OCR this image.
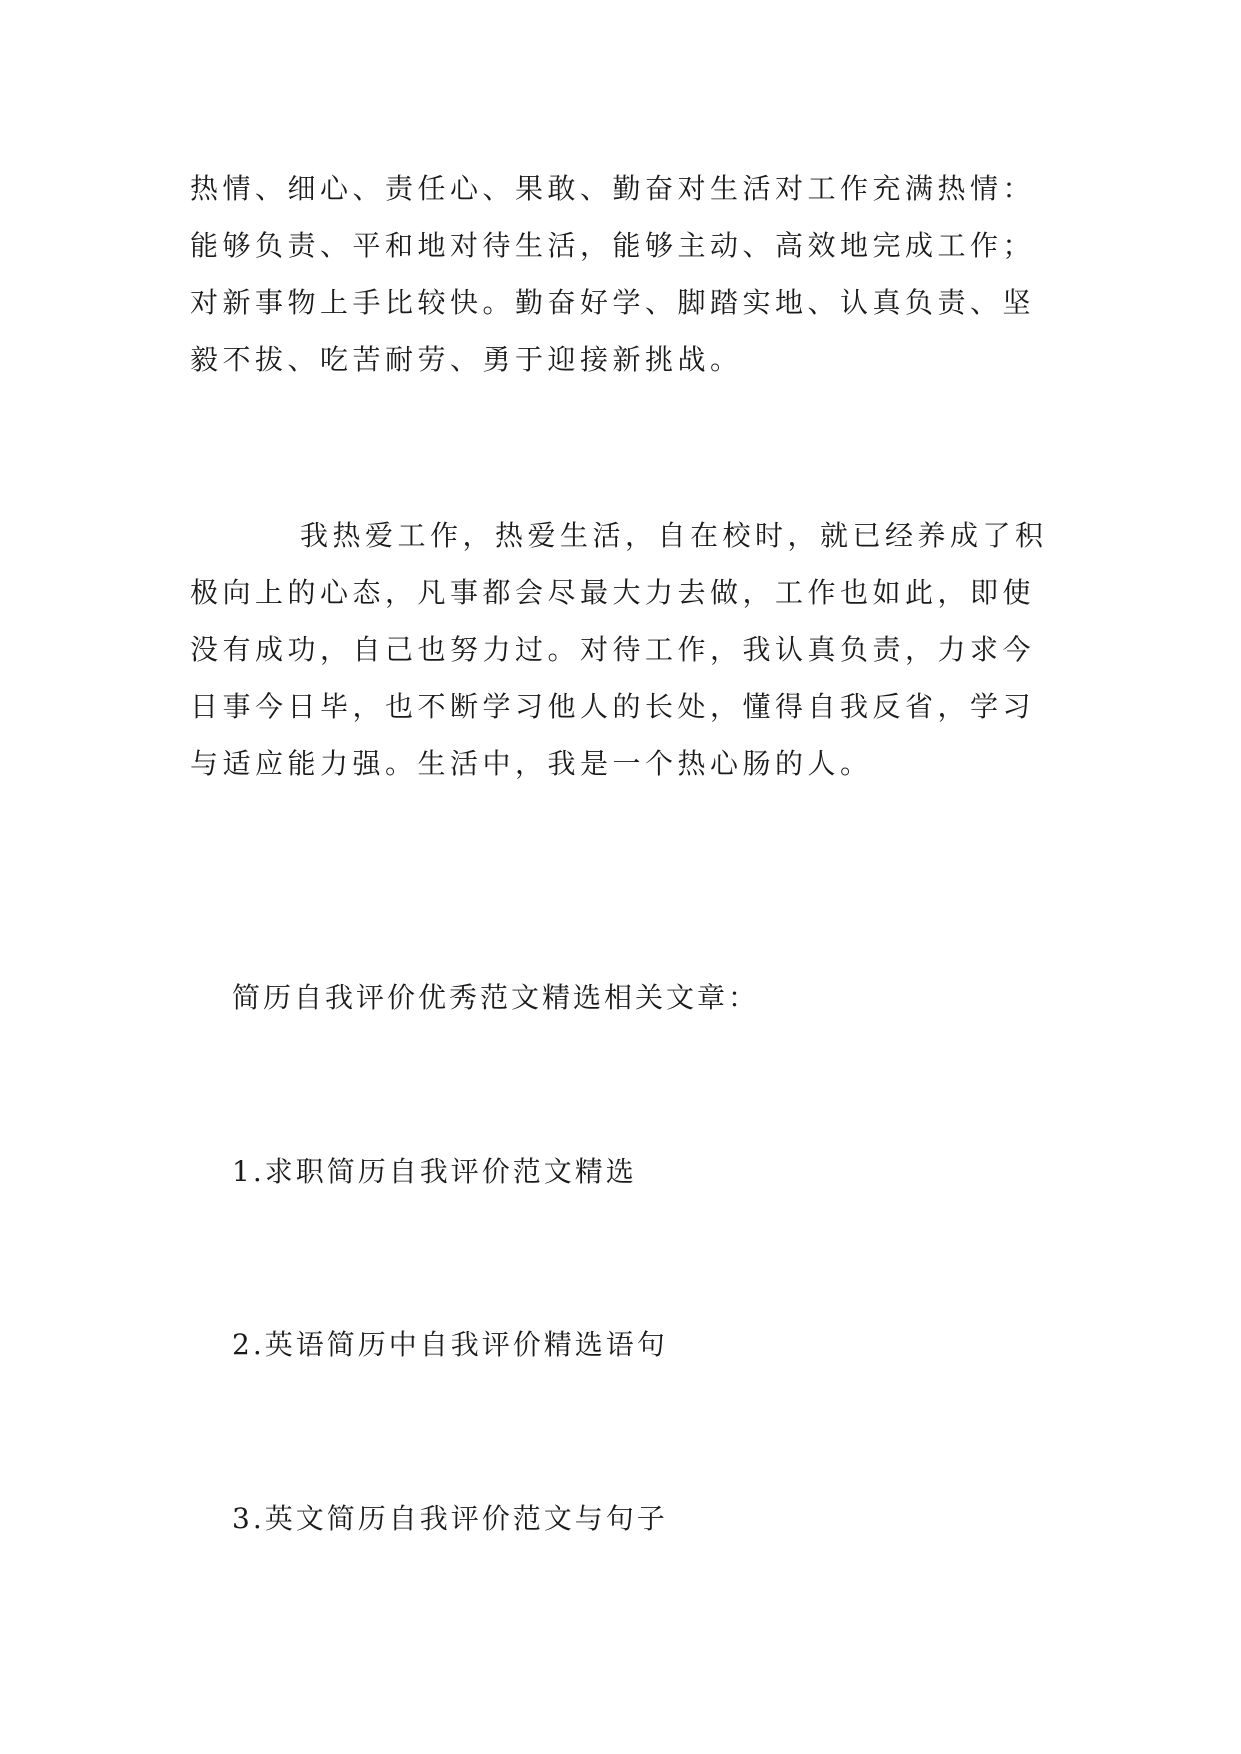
热情、细心、责任心、果敢、勤奋对生活对工作充满热情：
能够负责、平和地对待生活，能够主动、高效地完成工作；
对新事物上手比较快。勤奋好学、脚踏实地、认真负责、坚
毅不拔、吃苦耐劳、勇于迎接新挑战。

我热爱工作，热爱生活，自在校时，就已经养成了积
极向上的心态，凡事都会尽最大力去做，工作也如此，即使
没有成功，自己也努力过。对待工作，我认真负责，力求今
日事今日毕，也不断学习他人的长处，懂得自我反省，学习
与适应能力强。生活中，我是一个热心肠的人。

简历自我评价优秀范文精选相关文章：

1.求职简历自我评价范文精选
2.英语简历中自我评价精选语句
3.英文简历自我评价范文与句子
